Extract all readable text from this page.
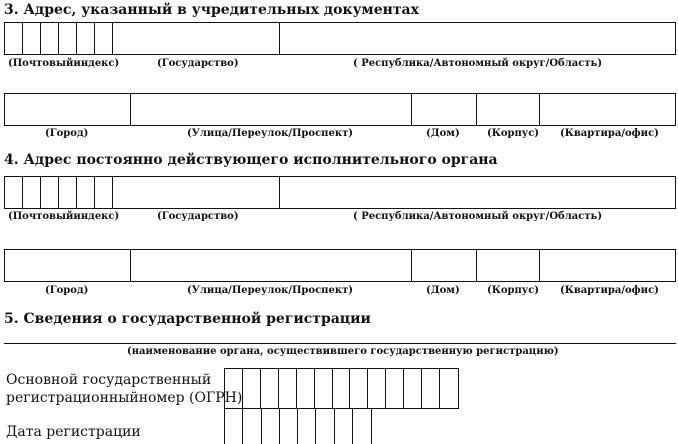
3. Адрес, указанный в учредительных документах
(Почтовыйиндекс)	(Государство)	( Республика/Автономный округ/Область)
(Город)	(Улица/Переулок/Проспект)	(Дом)	(Корпус) (Квартира/офис)
4. Адрес постоянно действующего исполнительного органа
(Почтовыйиндекс)	(Государство)	( Республика/Автономный округ/Область)
(Город)	(Улица/Переулок/Проспект)	(Дом)	(Корпус) (Квартира/офис)
5. Сведения о государственной регистрации
(наименование органа, осуществившего государственную регистрацию)
Основной государственный
регистрационныйномер (ОГРН)
Дата регистрации
